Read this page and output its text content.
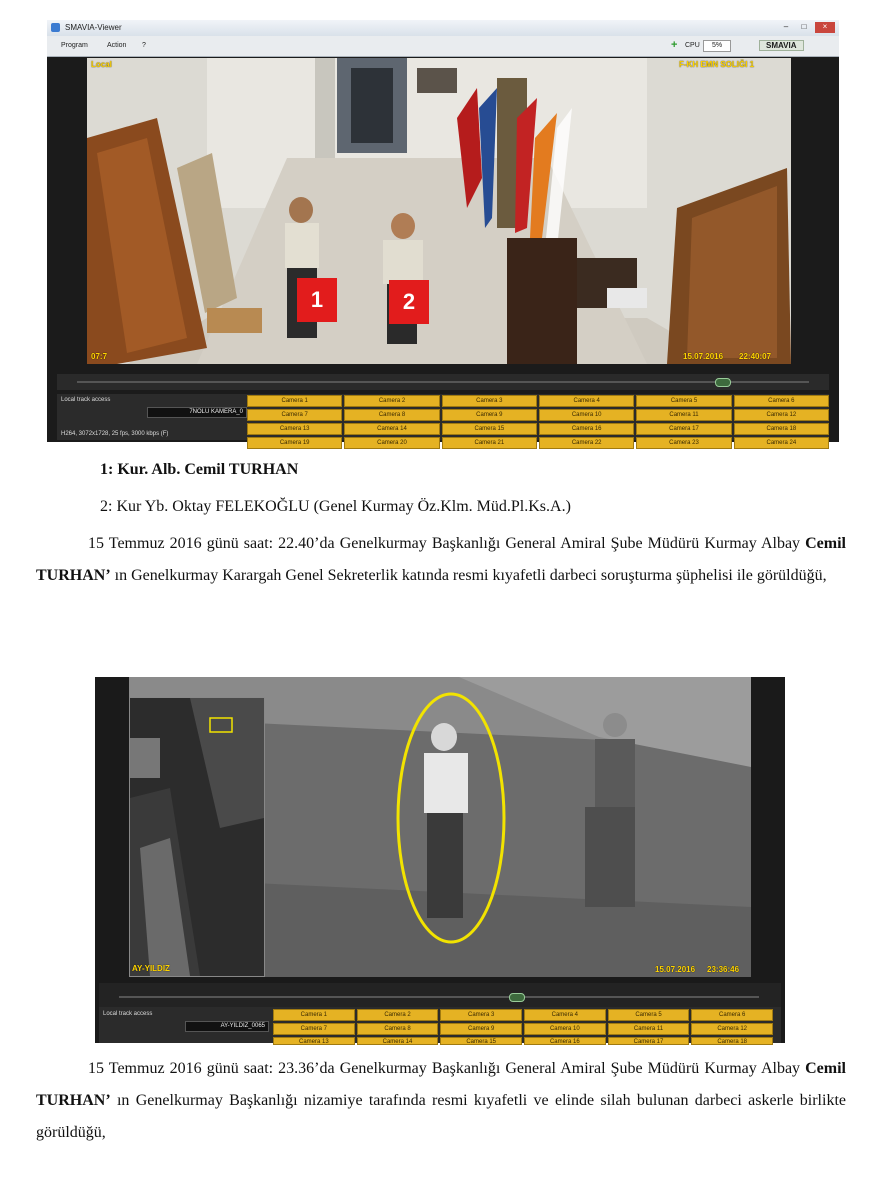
SMAVIA-Viewer	–	□	×
Program	Action ?	+ CPU	5%	SMAVIA
Local	F-KH EMN SOLIĞI 1
07:7	15.07.2016 22:40:07
1	2
Local track access
7NOLU KAMERA_0
H264, 3072x1728, 25 fps, 3000 kbps (F)
Camera 1	Camera 2	Camera 3	Camera 4	Camera 5	Camera 6
Camera 7	Camera 8	Camera 9	Camera 10	Camera 11	Camera 12
Camera 13	Camera 14	Camera 15	Camera 16	Camera 17	Camera 18
Camera 19	Camera 20	Camera 21	Camera 22	Camera 23	Camera 24
1: Kur. Alb. Cemil TURHAN
2: Kur Yb. Oktay FELEKOĞLU (Genel Kurmay Öz.Klm. Müd.Pl.Ks.A.)
15 Temmuz 2016 günü saat: 22.40’da Genelkurmay Başkanlığı General Amiral Şube Müdürü Kurmay Albay Cemil TURHAN’ ın Genelkurmay Karargah Genel Sekreterlik katında resmi kıyafetli darbeci soruşturma şüphelisi ile görüldüğü,
AY-YILDIZ	15.07.2016 23:36:46
Local track access
AY-YILDIZ_0065
Camera 1	Camera 2	Camera 3	Camera 4	Camera 5	Camera 6
Camera 7	Camera 8	Camera 9	Camera 10	Camera 11	Camera 12
Camera 13	Camera 14	Camera 15	Camera 16	Camera 17	Camera 18
15 Temmuz 2016 günü saat: 23.36’da Genelkurmay Başkanlığı General Amiral Şube Müdürü Kurmay Albay Cemil TURHAN’ ın Genelkurmay Başkanlığı nizamiye tarafında resmi kıyafetli ve elinde silah bulunan darbeci askerle birlikte görüldüğü,
